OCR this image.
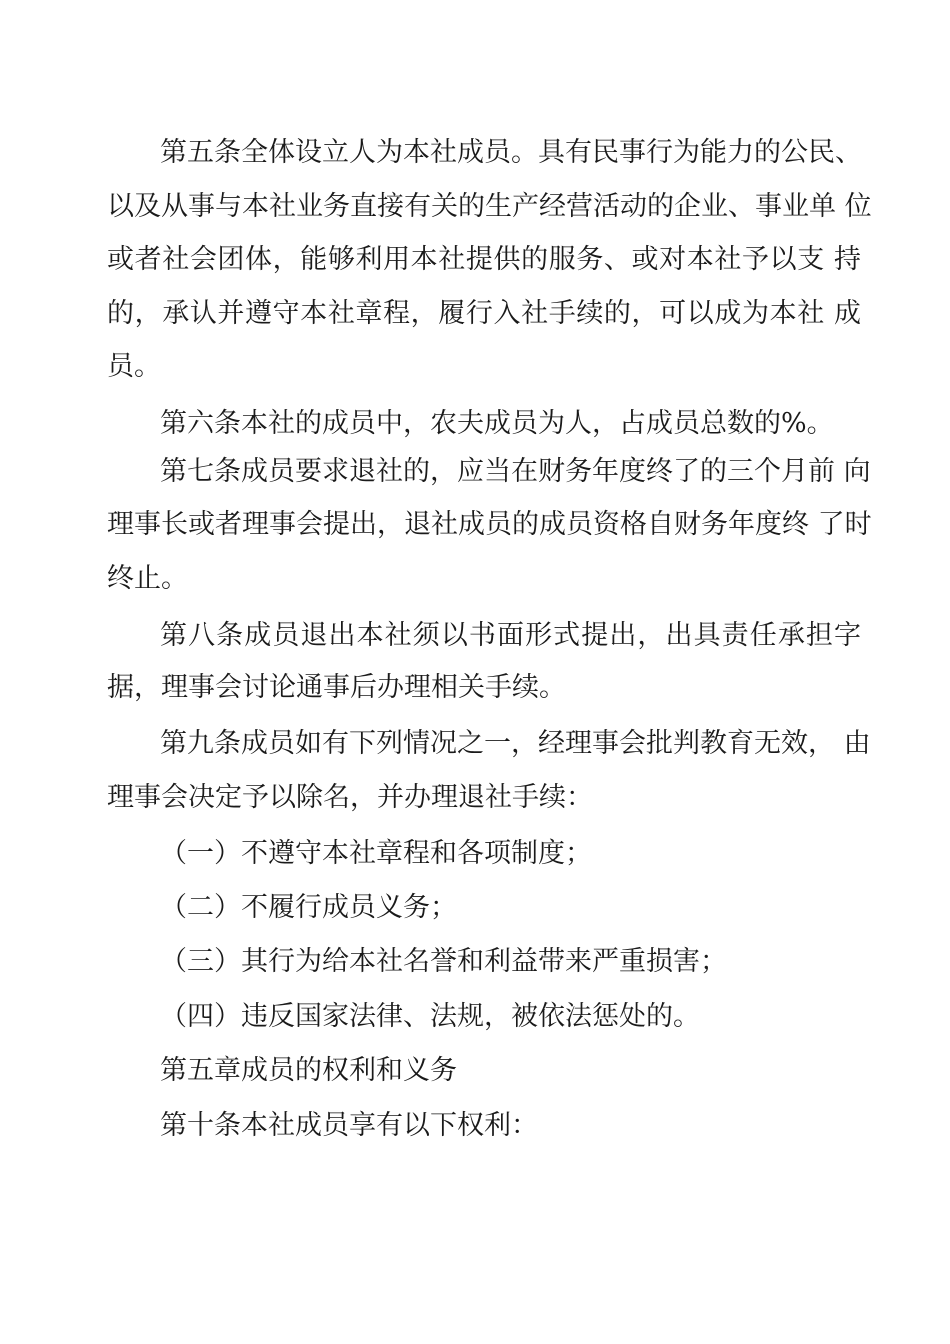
第五条全体设立人为本社成员。具有民事行为能力的公民、
以及从事与本社业务直接有关的生产经营活动的企业、事业单 位
或者社会团体，能够利用本社提供的服务、或对本社予以支 持
的，承认并遵守本社章程，履行入社手续的，可以成为本社 成
员。
第六条本社的成员中，农夫成员为人，占成员总数的%。
第七条成员要求退社的，应当在财务年度终了的三个月前 向
理事长或者理事会提出，退社成员的成员资格自财务年度终 了时
终止。
第八条成员退出本社须以书面形式提出，出具责任承担字
据，理事会讨论通事后办理相关手续。
第九条成员如有下列情况之一，经理事会批判教育无效， 由
理事会决定予以除名，并办理退社手续：
（一）不遵守本社章程和各项制度；
（二）不履行成员义务；
（三）其行为给本社名誉和利益带来严重损害；
（四）违反国家法律、法规，被依法惩处的。
第五章成员的权利和义务
第十条本社成员享有以下权利：
